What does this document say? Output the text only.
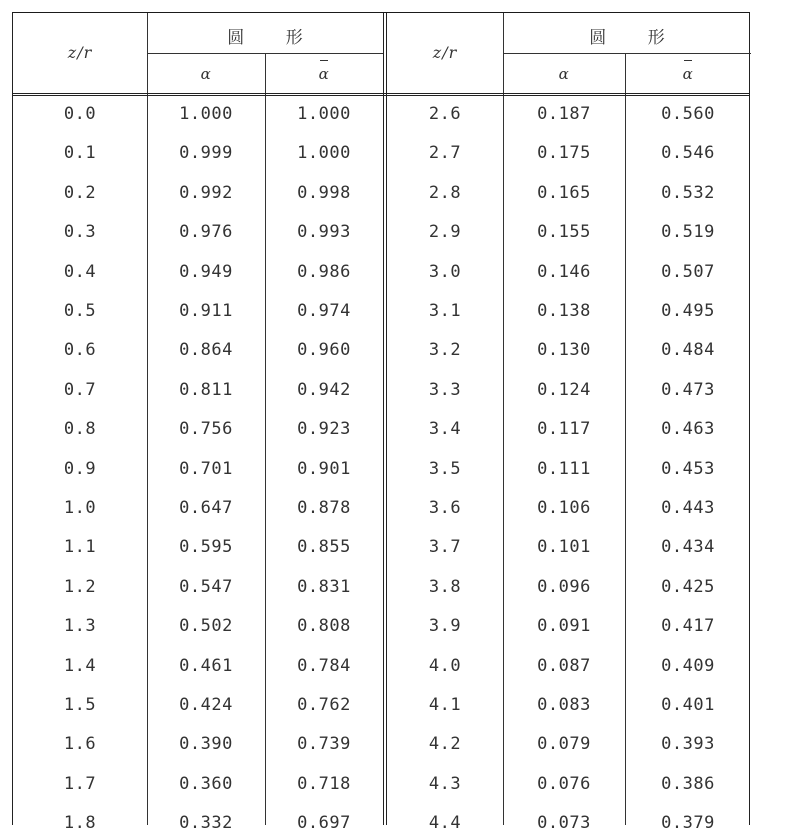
z/r
圆 形
α	α
z/r
圆 形
α	α
0.0	1.000	1.000	2.6	0.187	0.560
0.1	0.999	1.000	2.7	0.175	0.546
0.2	0.992	0.998	2.8	0.165	0.532
0.3	0.976	0.993	2.9	0.155	0.519
0.4	0.949	0.986	3.0	0.146	0.507
0.5	0.911	0.974	3.1	0.138	0.495
0.6	0.864	0.960	3.2	0.130	0.484
0.7	0.811	0.942	3.3	0.124	0.473
0.8	0.756	0.923	3.4	0.117	0.463
0.9	0.701	0.901	3.5	0.111	0.453
1.0	0.647	0.878	3.6	0.106	0.443
1.1	0.595	0.855	3.7	0.101	0.434
1.2	0.547	0.831	3.8	0.096	0.425
1.3	0.502	0.808	3.9	0.091	0.417
1.4	0.461	0.784	4.0	0.087	0.409
1.5	0.424	0.762	4.1	0.083	0.401
1.6	0.390	0.739	4.2	0.079	0.393
1.7	0.360	0.718	4.3	0.076	0.386
1.8	0.332	0.697	4.4	0.073	0.379
